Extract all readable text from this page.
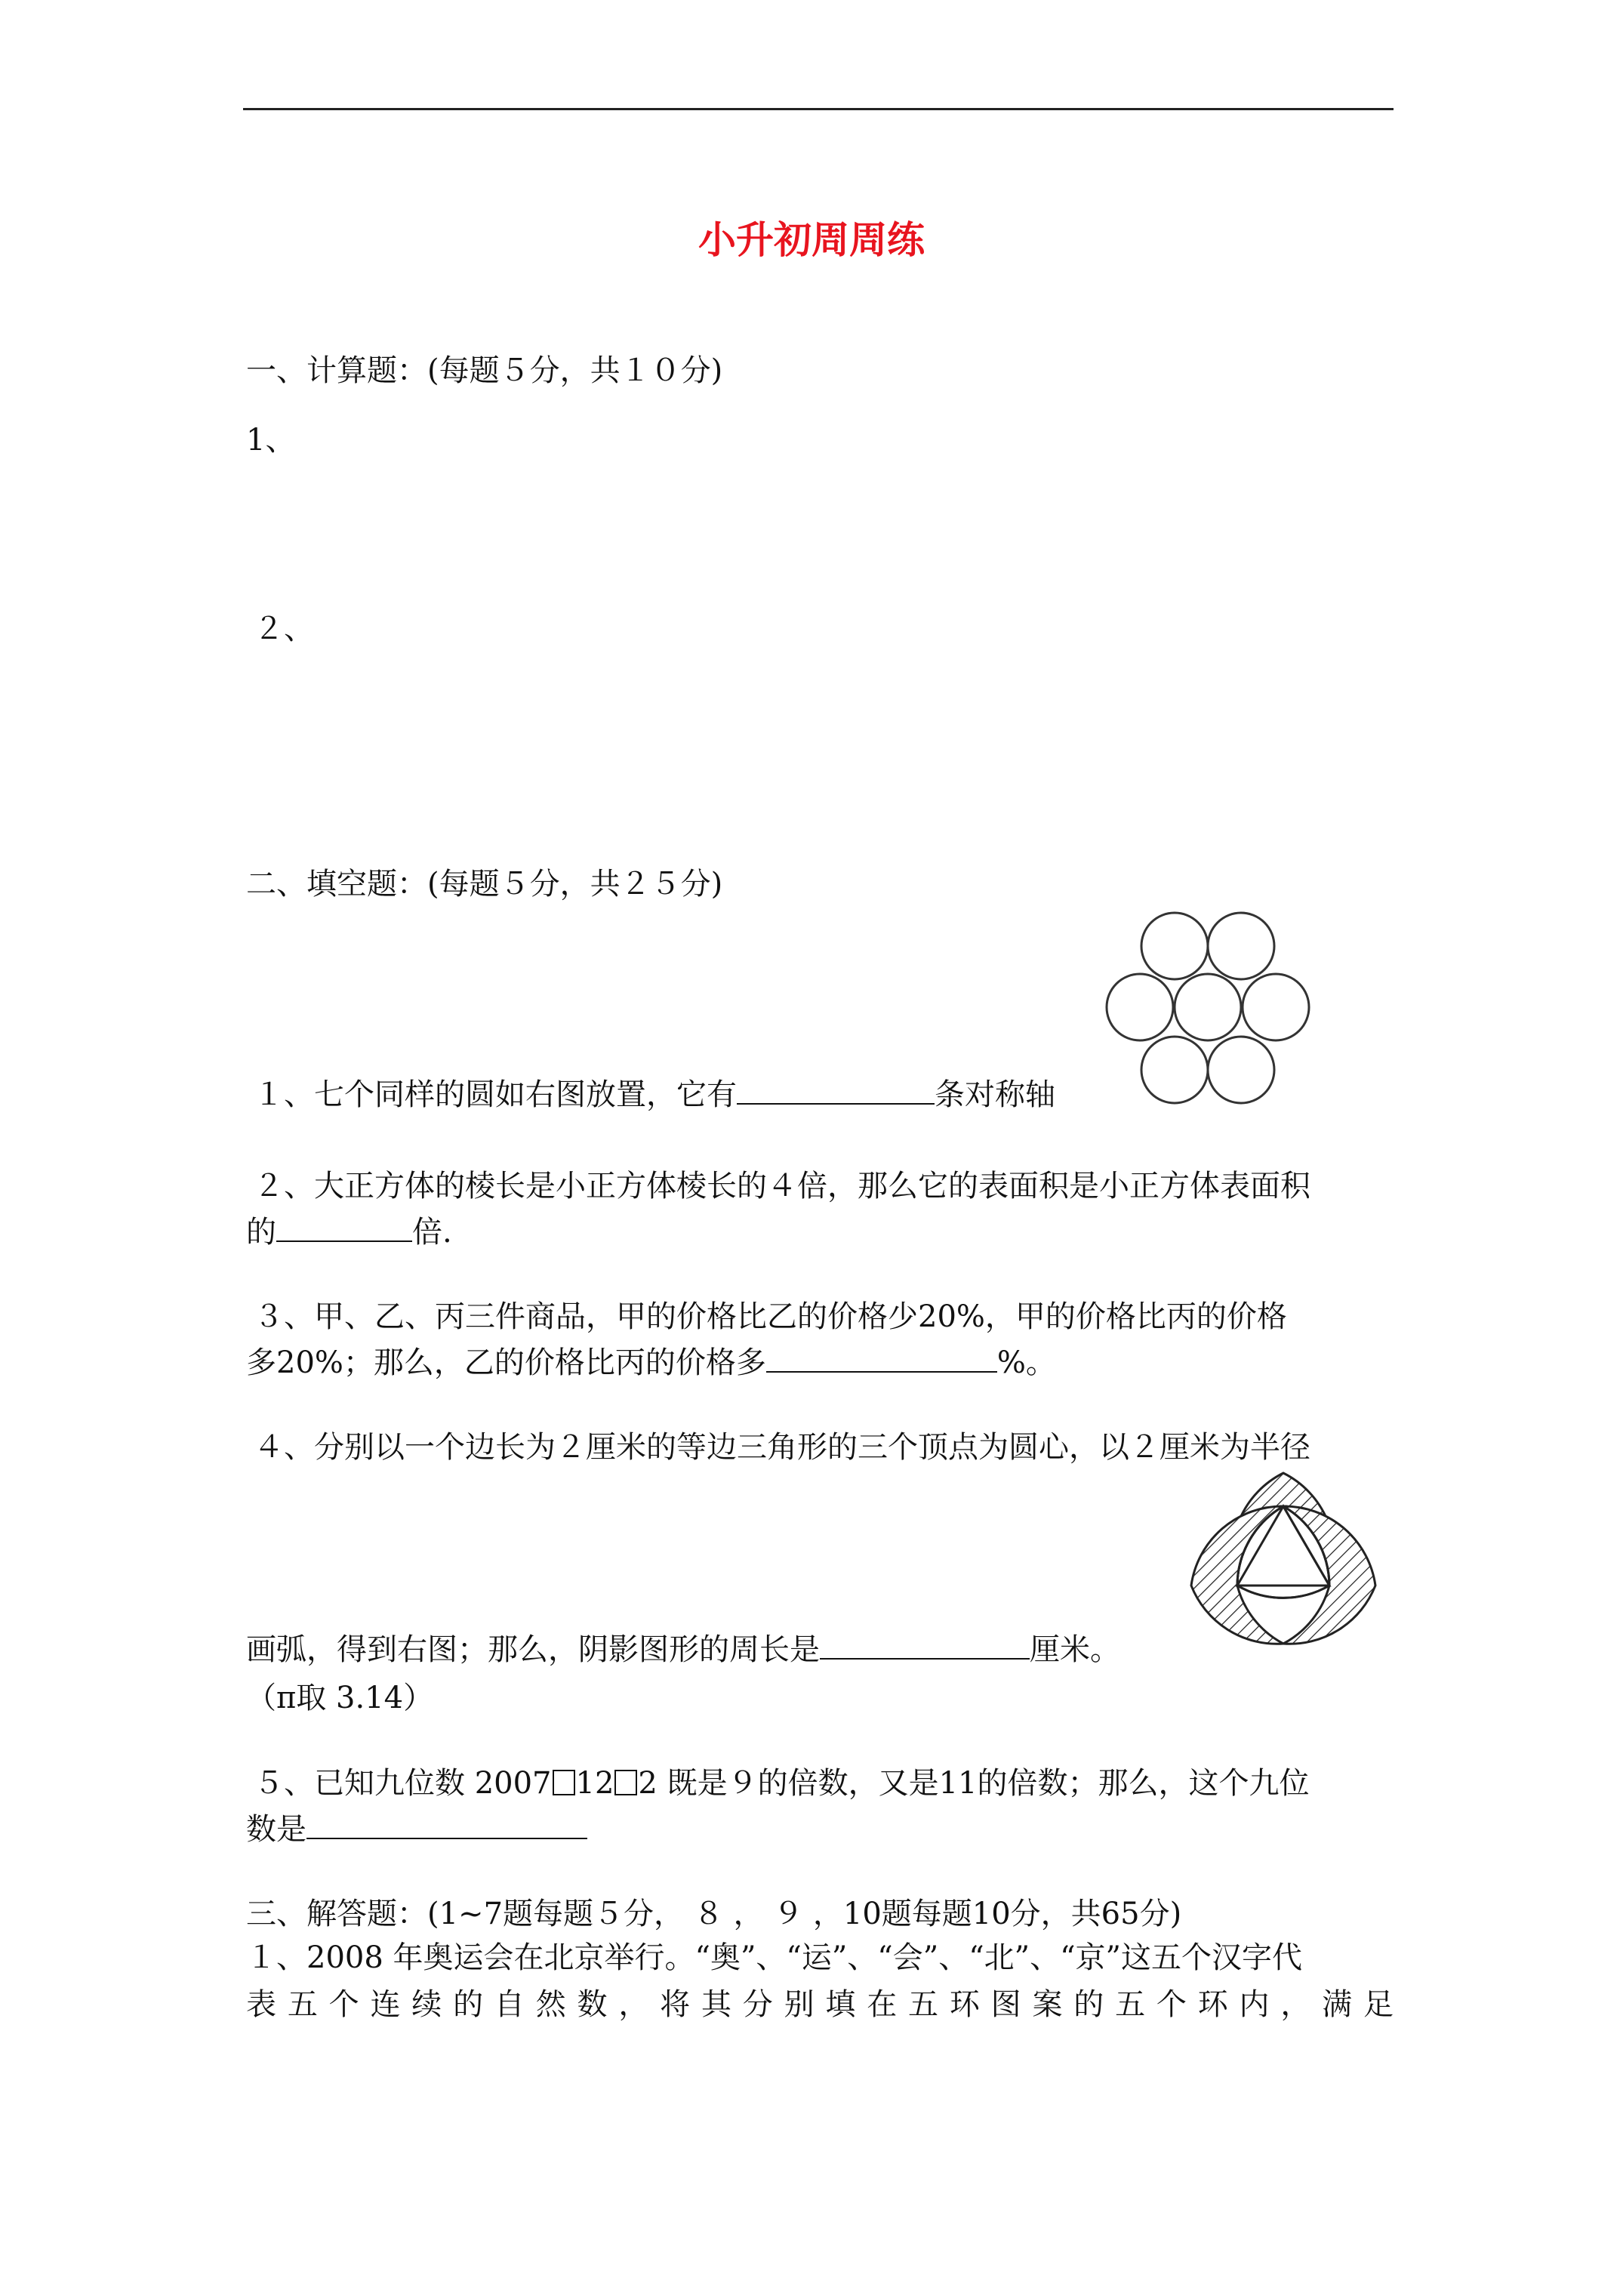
小升初周周练
一、计算题：(每题５分，共１０分)
1、
２、
二、填空题：(每题５分，共２５分)
１、七个同样的圆如右图放置，它有	条对称轴
２、大正方体的棱长是小正方体棱长的４倍，那么它的表面积是小正方体表面积
的	倍.
３、甲、乙、丙三件商品，甲的价格比乙的价格少20%，甲的价格比丙的价格
多20%；那么，乙的价格比丙的价格多	%。
４、分别以一个边长为２厘米的等边三角形的三个顶点为圆心，以２厘米为半径
画弧，得到右图；那么，阴影图形的周长是	厘米。
（π取 3.14）
５、已知九位数 2007 12 2 既是９的倍数，又是11的倍数；那么，这个九位
数是
三、解答题：(1~7题每题５分， ８ ， ９ ，10题每题10分，共65分)
１、2008 年奥运会在北京举行。“奥”、“运”、“会”、“北”、“京”这五个汉字代
表 五 个 连 续 的 自 然 数 ， 将 其 分 别 填 在 五 环 图 案 的 五 个 环 内 ， 满 足
